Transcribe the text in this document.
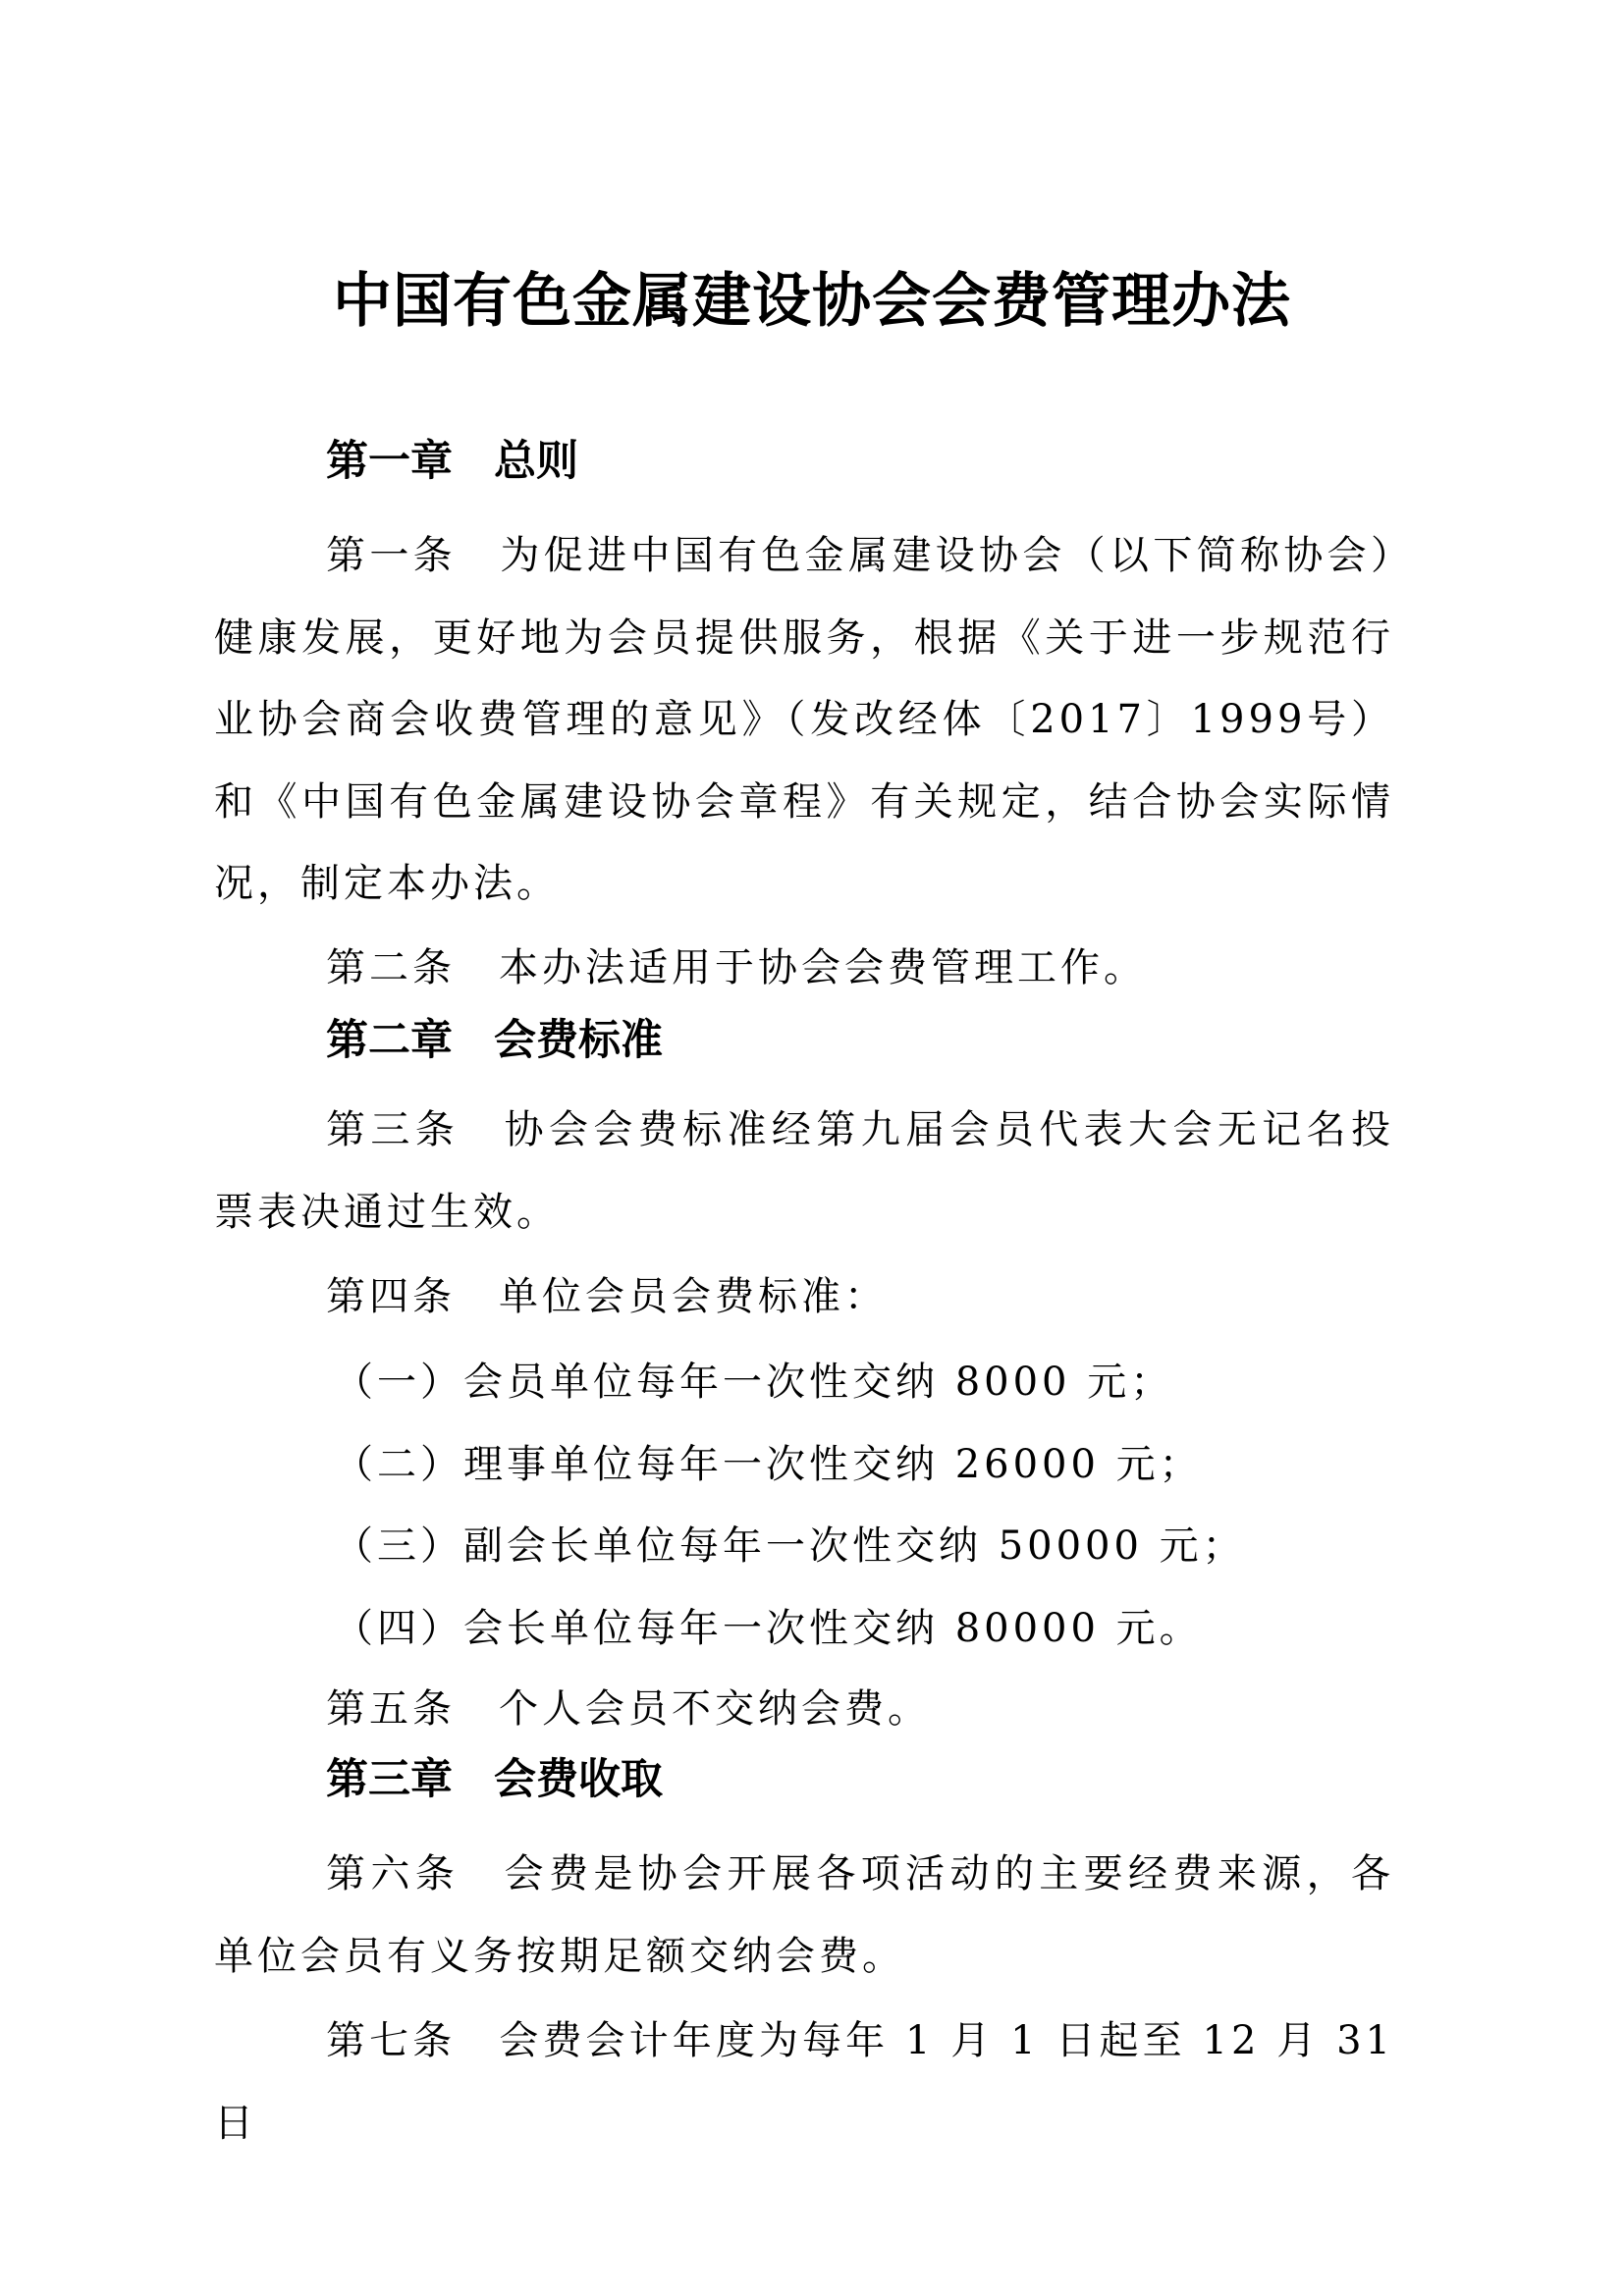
中国有色金属建设协会会费管理办法
第一章 总则
第一条 为促进中国有色金属建设协会（以下简称协会）健康发展，更好地为会员提供服务，根据《关于进一步规范行业协会商会收费管理的意见》（发改经体〔2017〕1999号）和《中国有色金属建设协会章程》有关规定，结合协会实际情况，制定本办法。
第二条 本办法适用于协会会费管理工作。
第二章 会费标准
第三条 协会会费标准经第九届会员代表大会无记名投票表决通过生效。
第四条 单位会员会费标准：
（一）会员单位每年一次性交纳 8000 元；
（二）理事单位每年一次性交纳 26000 元；
（三）副会长单位每年一次性交纳 50000 元；
（四）会长单位每年一次性交纳 80000 元。
第五条 个人会员不交纳会费。
第三章 会费收取
第六条 会费是协会开展各项活动的主要经费来源，各单位会员有义务按期足额交纳会费。
第七条 会费会计年度为每年 1 月 1 日起至 12 月 31 日
